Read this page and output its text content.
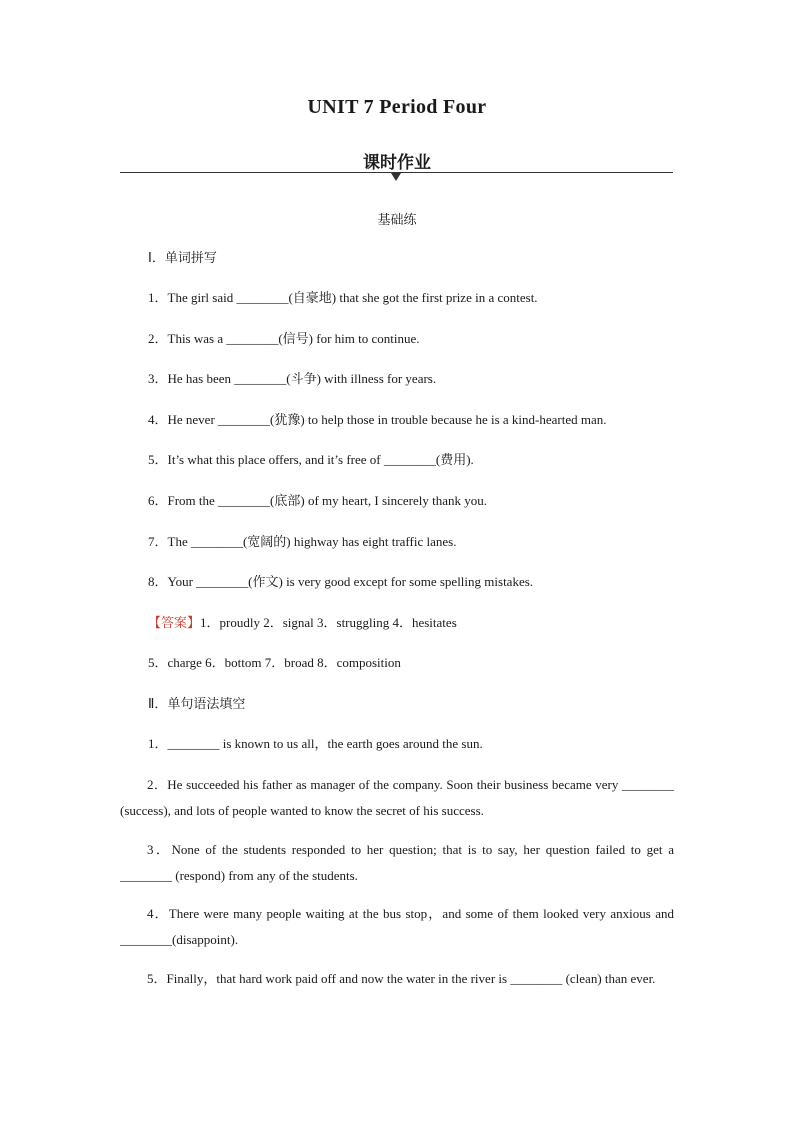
UNIT 7 Period Four
课时作业
基础练
Ⅰ．单词拼写
1．The girl said ________(自豪地) that she got the first prize in a contest.
2．This was a ________(信号) for him to continue.
3．He has been ________(斗争) with illness for years.
4．He never ________(犹豫) to help those in trouble because he is a kind-hearted man.
5．It’s what this place offers, and it’s free of ________(费用).
6．From the ________(底部) of my heart, I sincerely thank you.
7．The ________(宽阔的) highway has eight traffic lanes.
8．Your ________(作文) is very good except for some spelling mistakes.
【答案】1．proudly 2．signal 3．struggling 4．hesitates
5．charge 6．bottom 7．broad 8．composition
Ⅱ．单句语法填空
1．________ is known to us all，the earth goes around the sun.
2．He succeeded his father as manager of the company. Soon their business became very ________ (success), and lots of people wanted to know the secret of his success.
3．None of the students responded to her question; that is to say, her question failed to get a ________ (respond) from any of the students.
4．There were many people waiting at the bus stop，and some of them looked very anxious and ________(disappoint).
5．Finally，that hard work paid off and now the water in the river is ________ (clean) than ever.
